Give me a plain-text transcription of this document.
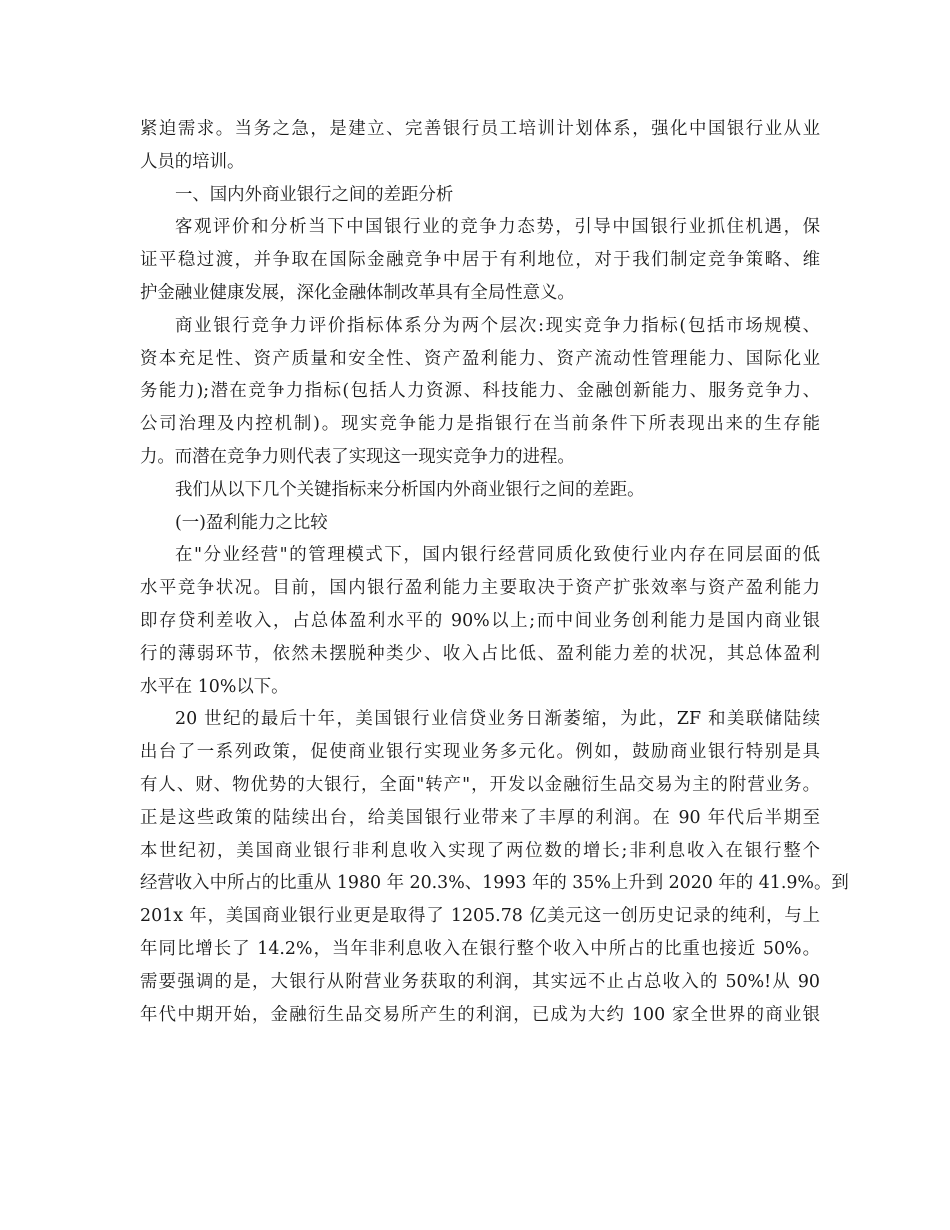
紧迫需求。当务之急，是建立、完善银行员工培训计划体系，强化中国银行业从业
人员的培训。
一、国内外商业银行之间的差距分析
客观评价和分析当下中国银行业的竞争力态势，引导中国银行业抓住机遇，保
证平稳过渡，并争取在国际金融竞争中居于有利地位，对于我们制定竞争策略、维
护金融业健康发展，深化金融体制改革具有全局性意义。
商业银行竞争力评价指标体系分为两个层次:现实竞争力指标(包括市场规模、
资本充足性、资产质量和安全性、资产盈利能力、资产流动性管理能力、国际化业
务能力);潜在竞争力指标(包括人力资源、科技能力、金融创新能力、服务竞争力、
公司治理及内控机制)。现实竞争能力是指银行在当前条件下所表现出来的生存能
力。而潜在竞争力则代表了实现这一现实竞争力的进程。
我们从以下几个关键指标来分析国内外商业银行之间的差距。
(一)盈利能力之比较
在"分业经营"的管理模式下，国内银行经营同质化致使行业内存在同层面的低
水平竞争状况。目前，国内银行盈利能力主要取决于资产扩张效率与资产盈利能力
即存贷利差收入，占总体盈利水平的 90%以上;而中间业务创利能力是国内商业银
行的薄弱环节，依然未摆脱种类少、收入占比低、盈利能力差的状况，其总体盈利
水平在 10%以下。
20 世纪的最后十年，美国银行业信贷业务日渐萎缩，为此，ZF 和美联储陆续
出台了一系列政策，促使商业银行实现业务多元化。例如，鼓励商业银行特别是具
有人、财、物优势的大银行，全面"转产"，开发以金融衍生品交易为主的附营业务。
正是这些政策的陆续出台，给美国银行业带来了丰厚的利润。在 90 年代后半期至
本世纪初，美国商业银行非利息收入实现了两位数的增长;非利息收入在银行整个
经营收入中所占的比重从 1980 年 20.3%、1993 年的 35%上升到 2020 年的 41.9%。到
201x 年，美国商业银行业更是取得了 1205.78 亿美元这一创历史记录的纯利，与上
年同比增长了 14.2%，当年非利息收入在银行整个收入中所占的比重也接近 50%。
需要强调的是，大银行从附营业务获取的利润，其实远不止占总收入的 50%!从 90
年代中期开始，金融衍生品交易所产生的利润，已成为大约 100 家全世界的商业银
